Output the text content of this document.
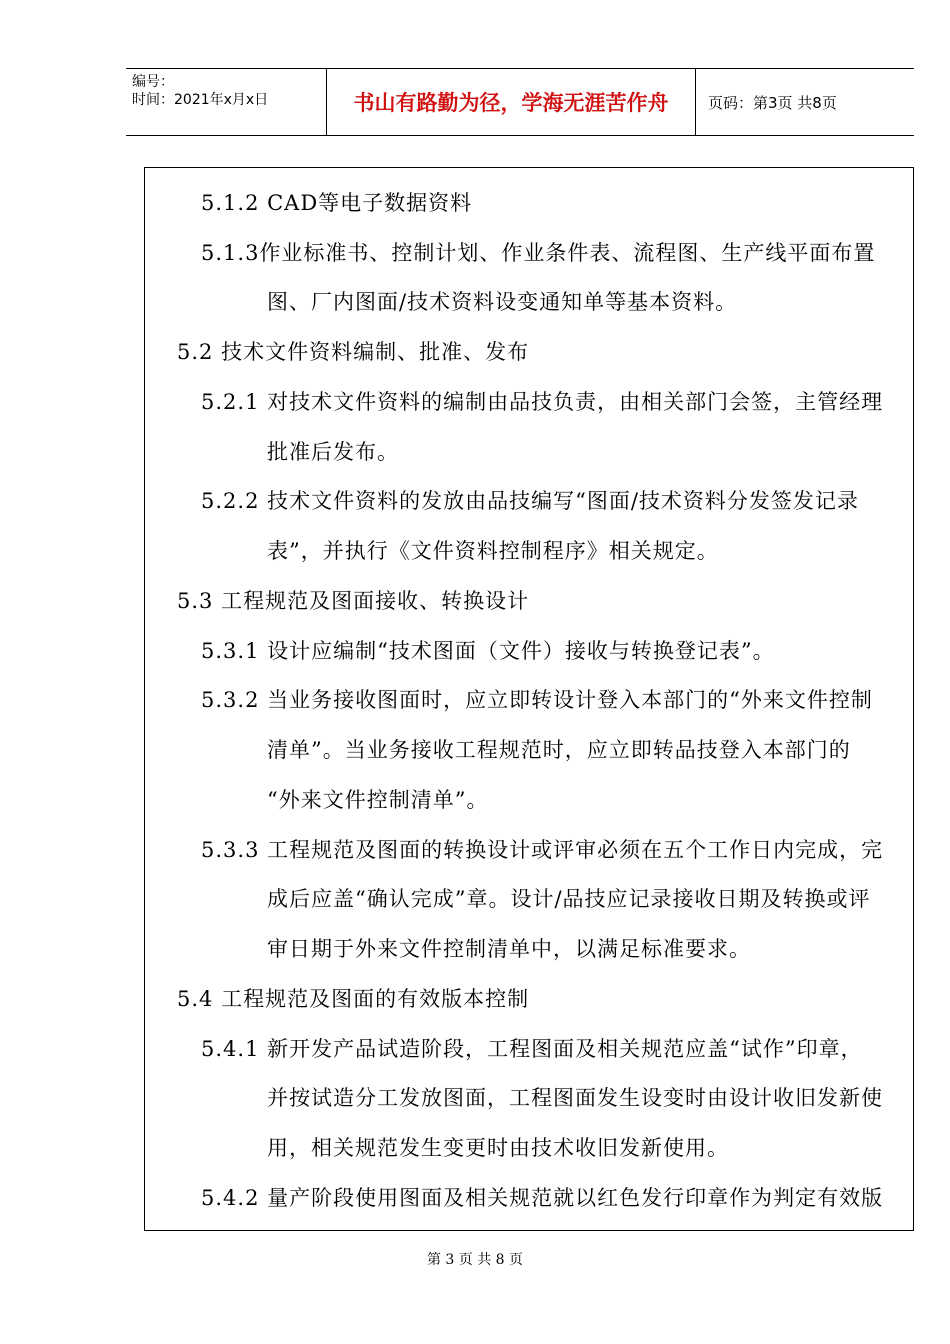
编号：
时间：2021年x月x日	书山有路勤为径，学海无涯苦作舟	页码：第3页 共8页
5.1.2 CAD等电子数据资料
5.1.3作业标准书、控制计划、作业条件表、流程图、生产线平面布置
图、厂内图面/技术资料设变通知单等基本资料。
5.2 技术文件资料编制、批准、发布
5.2.1 对技术文件资料的编制由品技负责，由相关部门会签，主管经理
批准后发布。
5.2.2 技术文件资料的发放由品技编写“图面/技术资料分发签发记录
表”，并执行《文件资料控制程序》相关规定。
5.3 工程规范及图面接收、转换设计
5.3.1 设计应编制“技术图面（文件）接收与转换登记表”。
5.3.2 当业务接收图面时，应立即转设计登入本部门的“外来文件控制
清单”。当业务接收工程规范时，应立即转品技登入本部门的
“外来文件控制清单”。
5.3.3 工程规范及图面的转换设计或评审必须在五个工作日内完成，完
成后应盖“确认完成”章。设计/品技应记录接收日期及转换或评
审日期于外来文件控制清单中，以满足标准要求。
5.4 工程规范及图面的有效版本控制
5.4.1 新开发产品试造阶段，工程图面及相关规范应盖“试作”印章，
并按试造分工发放图面，工程图面发生设变时由设计收旧发新使
用，相关规范发生变更时由技术收旧发新使用。
5.4.2 量产阶段使用图面及相关规范就以红色发行印章作为判定有效版
第 3 页 共 8 页
